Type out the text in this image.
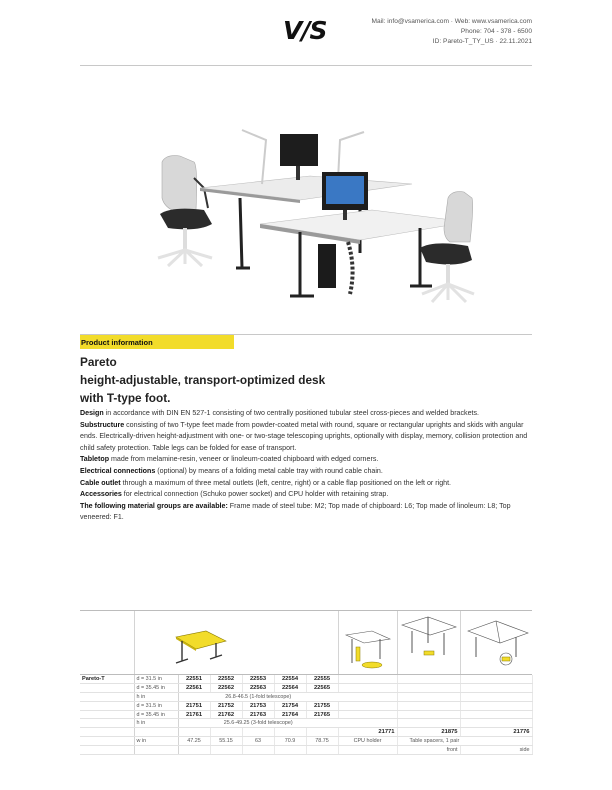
V/S	Mail: info@vsamerica.com · Web: www.vsamerica.com
Phone: 704 - 378 - 6500
ID: Pareto-T_TY_US · 22.11.2021
Product information
Pareto
height-adjustable, transport-optimized desk
with T-type foot.

Design in accordance with DIN EN 527-1 consisting of two centrally positioned tubular steel cross-pieces and welded brackets.

Substructure consisting of two T-type feet made from powder-coated metal with round, square or rectangular uprights and skids with angular ends. Electrically-driven height-adjustment with one- or two-stage telescoping uprights, optionally with display, memory, collision protection and child safety protection. Table legs can be folded for ease of transport.

Tabletop made from melamine-resin, veneer or linoleum-coated chipboard with edged corners.

Electrical connections (optional) by means of a folding metal cable tray with round cable chain.

Cable outlet through a maximum of three metal outlets (left, centre, right) or a cable flap positioned on the left or right.

Accessories for electrical connection (Schuko power socket) and CPU holder with retaining strap.

The following material groups are available: Frame made of steel tube: M2; Top made of chipboard: L6; Top made of linoleum: L8; Top veneered: F1.

Pareto-T	d = 31.5 in	22551	22552	22553	22554	22555			
	d = 35.45 in	22561	22562	22563	22564	22565			
	h in	26.8-46.5 (1-fold telescope)							
	d = 31.5 in	21751	21752	21753	21754	21755			
	d = 35.45 in	21761	21762	21763	21764	21765			
	h in	25.6-49.25 (3-fold telescope)							
							21771	21875	21776
	w in	47.25	55.15	63	70.9	78.75	CPU holder	Table spacers, 1 pair	
								front	side
